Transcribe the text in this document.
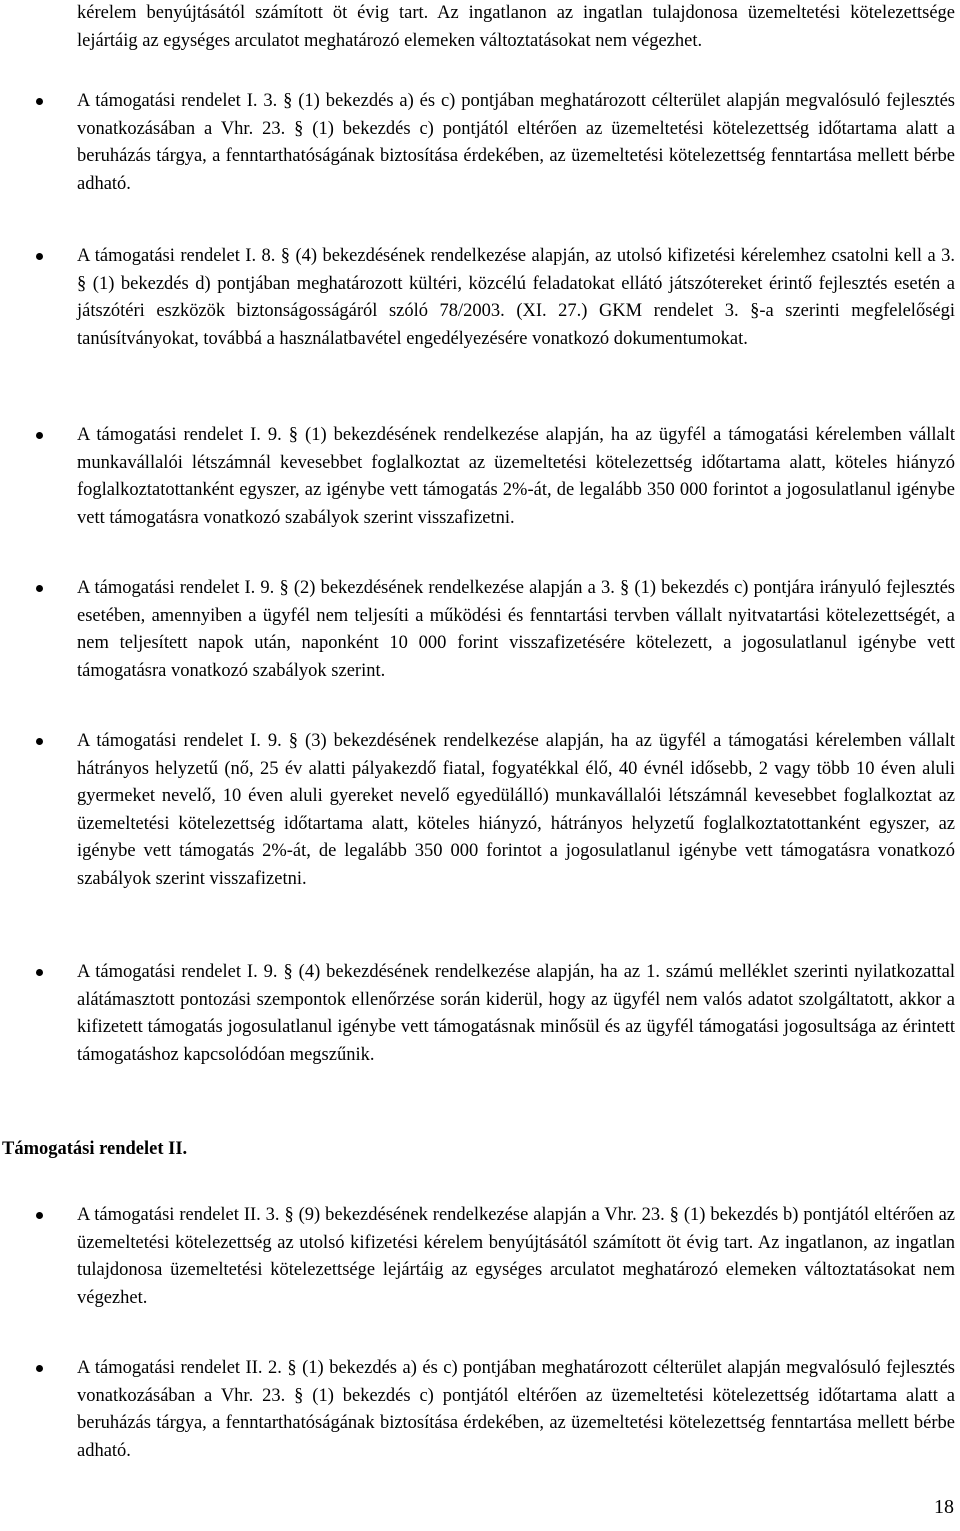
kérelem benyújtásától számított öt évig tart. Az ingatlanon az ingatlan tulajdonosa üzemeltetési kötelezettsége lejártáig az egységes arculatot meghatározó elemeken változtatásokat nem végezhet.
A támogatási rendelet I. 3. § (1) bekezdés a) és c) pontjában meghatározott célterület alapján megvalósuló fejlesztés vonatkozásában a Vhr. 23. § (1) bekezdés c) pontjától eltérően az üzemeltetési kötelezettség időtartama alatt a beruházás tárgya, a fenntarthatóságának biztosítása érdekében, az üzemeltetési kötelezettség fenntartása mellett bérbe adható.
A támogatási rendelet I. 8. § (4) bekezdésének rendelkezése alapján, az utolsó kifizetési kérelemhez csatolni kell a 3. § (1) bekezdés d) pontjában meghatározott kültéri, közcélú feladatokat ellátó játszótereket érintő fejlesztés esetén a játszótéri eszközök biztonságosságáról szóló 78/2003. (XI. 27.) GKM rendelet 3. §-a szerinti megfelelőségi tanúsítványokat, továbbá a használatbavétel engedélyezésére vonatkozó dokumentumokat.
A támogatási rendelet I. 9. § (1) bekezdésének rendelkezése alapján, ha az ügyfél a támogatási kérelemben vállalt munkavállalói létszámnál kevesebbet foglalkoztat az üzemeltetési kötelezettség időtartama alatt, köteles hiányzó foglalkoztatottanként egyszer, az igénybe vett támogatás 2%-át, de legalább 350 000 forintot a jogosulatlanul igénybe vett támogatásra vonatkozó szabályok szerint visszafizetni.
A támogatási rendelet I. 9. § (2) bekezdésének rendelkezése alapján a 3. § (1) bekezdés c) pontjára irányuló fejlesztés esetében, amennyiben a ügyfél nem teljesíti a működési és fenntartási tervben vállalt nyitvatartási kötelezettségét, a nem teljesített napok után, naponként 10 000 forint visszafizetésére kötelezett, a jogosulatlanul igénybe vett támogatásra vonatkozó szabályok szerint.
A támogatási rendelet I. 9. § (3) bekezdésének rendelkezése alapján, ha az ügyfél a támogatási kérelemben vállalt hátrányos helyzetű (nő, 25 év alatti pályakezdő fiatal, fogyatékkal élő, 40 évnél idősebb, 2 vagy több 10 éven aluli gyermeket nevelő, 10 éven aluli gyereket nevelő egyedülálló) munkavállalói létszámnál kevesebbet foglalkoztat az üzemeltetési kötelezettség időtartama alatt, köteles hiányzó, hátrányos helyzetű foglalkoztatottanként egyszer, az igénybe vett támogatás 2%-át, de legalább 350 000 forintot a jogosulatlanul igénybe vett támogatásra vonatkozó szabályok szerint visszafizetni.
A támogatási rendelet I. 9. § (4) bekezdésének rendelkezése alapján, ha az 1. számú melléklet szerinti nyilatkozattal alátámasztott pontozási szempontok ellenőrzése során kiderül, hogy az ügyfél nem valós adatot szolgáltatott, akkor a kifizetett támogatás jogosulatlanul igénybe vett támogatásnak minősül és az ügyfél támogatási jogosultsága az érintett támogatáshoz kapcsolódóan megszűnik.
Támogatási rendelet II.
A támogatási rendelet II. 3. § (9) bekezdésének rendelkezése alapján a Vhr. 23. § (1) bekezdés b) pontjától eltérően az üzemeltetési kötelezettség az utolsó kifizetési kérelem benyújtásától számított öt évig tart. Az ingatlanon, az ingatlan tulajdonosa üzemeltetési kötelezettsége lejártáig az egységes arculatot meghatározó elemeken változtatásokat nem végezhet.
A támogatási rendelet II. 2. § (1) bekezdés a) és c) pontjában meghatározott célterület alapján megvalósuló fejlesztés vonatkozásában a Vhr. 23. § (1) bekezdés c) pontjától eltérően az üzemeltetési kötelezettség időtartama alatt a beruházás tárgya, a fenntarthatóságának biztosítása érdekében, az üzemeltetési kötelezettség fenntartása mellett bérbe adható.
18
